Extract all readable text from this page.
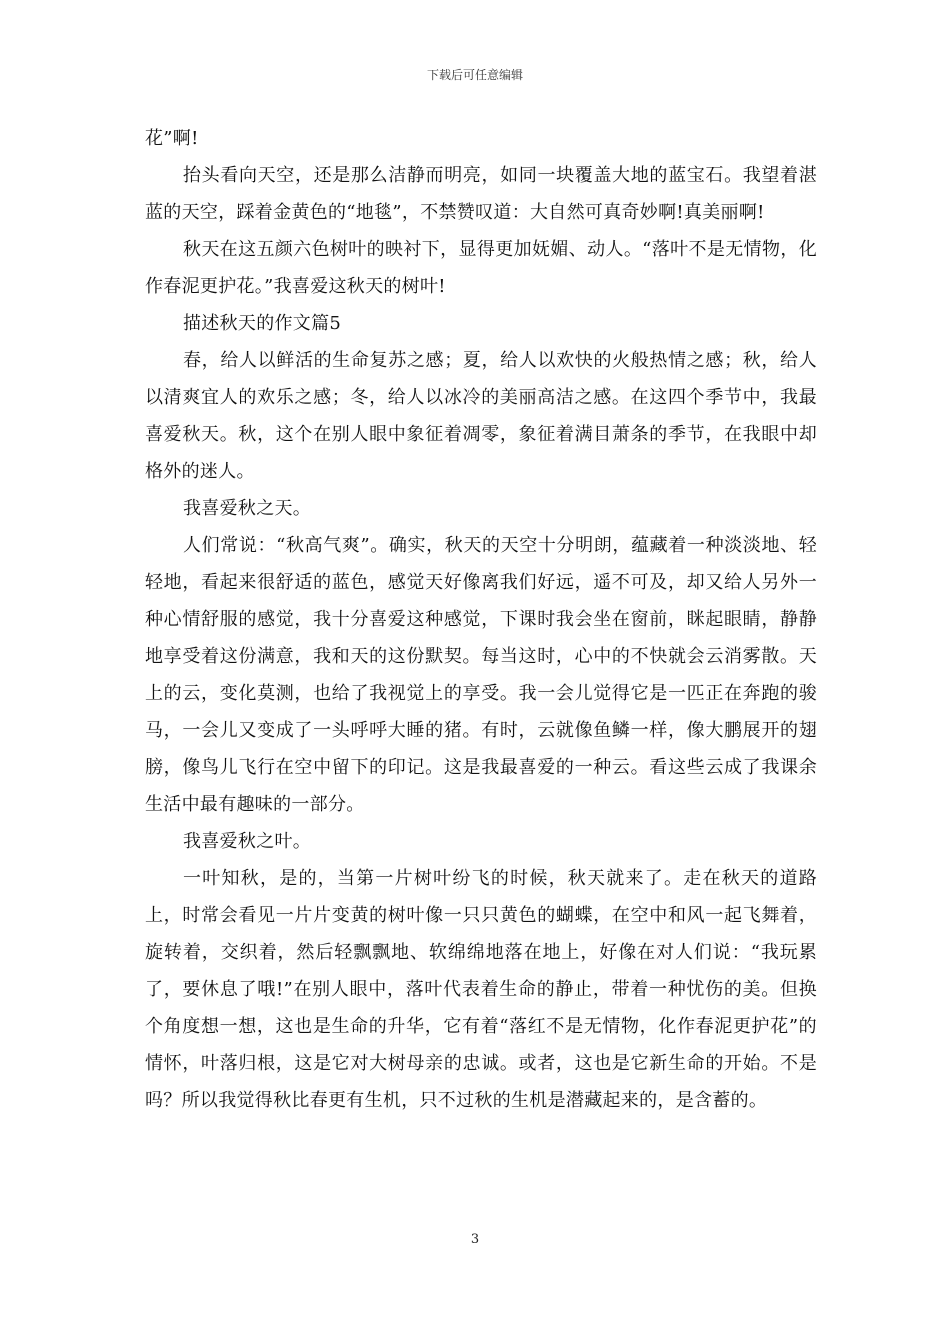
下载后可任意编辑

花”啊!

抬头看向天空，还是那么洁静而明亮，如同一块覆盖大地的蓝宝石。我望着湛蓝的天空，踩着金黄色的“地毯”，不禁赞叹道：大自然可真奇妙啊!真美丽啊!

秋天在这五颜六色树叶的映衬下，显得更加妩媚、动人。“落叶不是无情物，化作春泥更护花。”我喜爱这秋天的树叶!

描述秋天的作文篇5

春，给人以鲜活的生命复苏之感；夏，给人以欢快的火般热情之感；秋，给人以清爽宜人的欢乐之感；冬，给人以冰冷的美丽高洁之感。在这四个季节中，我最喜爱秋天。秋，这个在别人眼中象征着凋零，象征着满目萧条的季节，在我眼中却格外的迷人。

我喜爱秋之天。

人们常说：“秋高气爽”。确实，秋天的天空十分明朗，蕴藏着一种淡淡地、轻轻地，看起来很舒适的蓝色，感觉天好像离我们好远，遥不可及，却又给人另外一种心情舒服的感觉，我十分喜爱这种感觉，下课时我会坐在窗前，眯起眼睛，静静地享受着这份满意，我和天的这份默契。每当这时，心中的不快就会云消雾散。天上的云，变化莫测，也给了我视觉上的享受。我一会儿觉得它是一匹正在奔跑的骏马，一会儿又变成了一头呼呼大睡的猪。有时，云就像鱼鳞一样，像大鹏展开的翅膀，像鸟儿飞行在空中留下的印记。这是我最喜爱的一种云。看这些云成了我课余生活中最有趣味的一部分。

我喜爱秋之叶。

一叶知秋，是的，当第一片树叶纷飞的时候，秋天就来了。走在秋天的道路上，时常会看见一片片变黄的树叶像一只只黄色的蝴蝶，在空中和风一起飞舞着，旋转着，交织着，然后轻飘飘地、软绵绵地落在地上，好像在对人们说：“我玩累了，要休息了哦!”在别人眼中，落叶代表着生命的静止，带着一种忧伤的美。但换个角度想一想，这也是生命的升华，它有着“落红不是无情物，化作春泥更护花”的情怀，叶落归根，这是它对大树母亲的忠诚。或者，这也是它新生命的开始。不是吗？所以我觉得秋比春更有生机，只不过秋的生机是潜藏起来的，是含蓄的。

3
